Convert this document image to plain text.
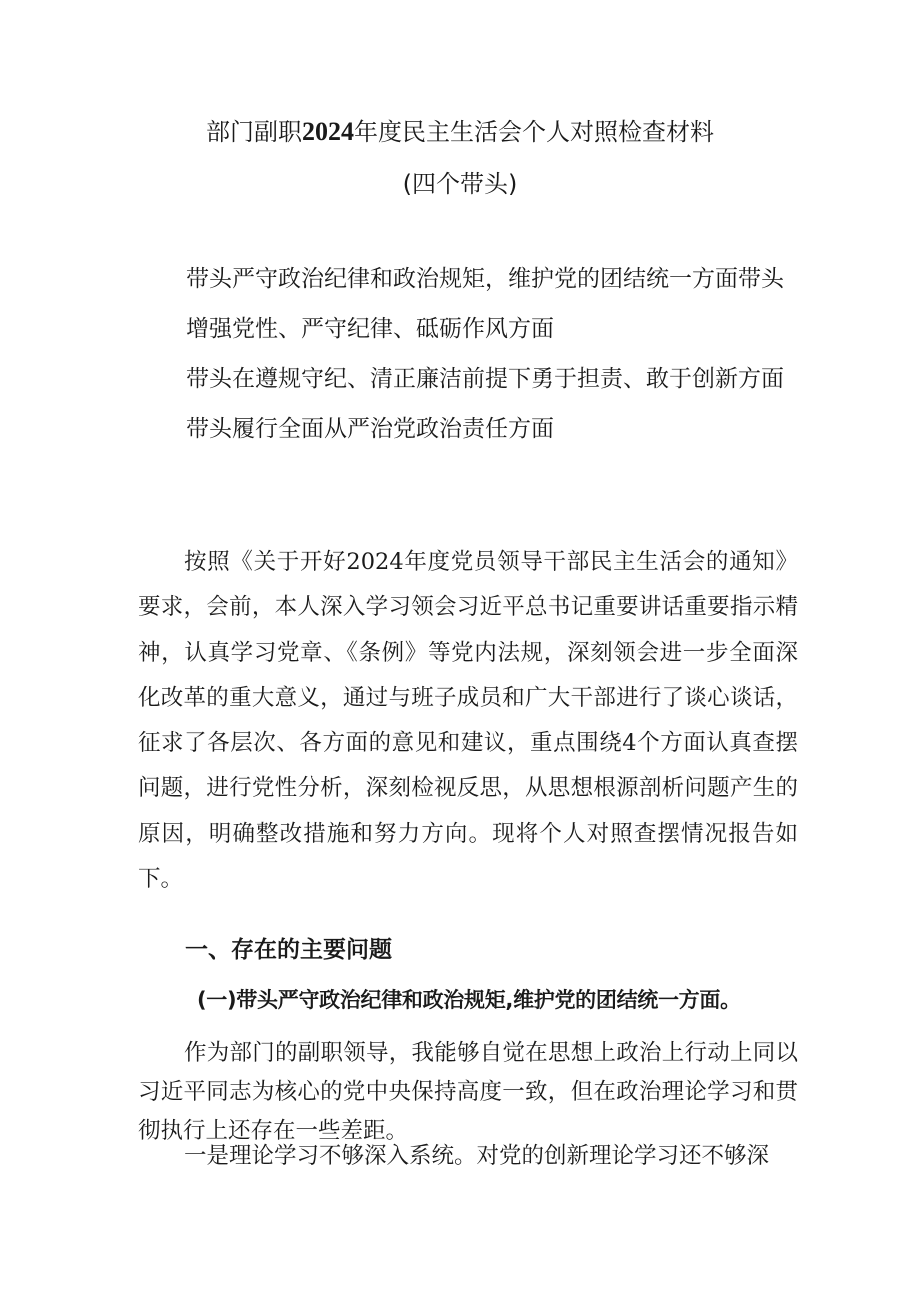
部门副职2024年度民主生活会个人对照检查材料
(四个带头)
带头严守政治纪律和政治规矩，维护党的团结统一方面带头
增强党性、严守纪律、砥砺作风方面
带头在遵规守纪、清正廉洁前提下勇于担责、敢于创新方面
带头履行全面从严治党政治责任方面

按照《关于开好2024年度党员领导干部民主生活会的通知》要求，会前，本人深入学习领会习近平总书记重要讲话重要指示精神，认真学习党章、《条例》等党内法规，深刻领会进一步全面深化改革的重大意义，通过与班子成员和广大干部进行了谈心谈话，征求了各层次、各方面的意见和建议，重点围绕4个方面认真查摆问题，进行党性分析，深刻检视反思，从思想根源剖析问题产生的原因，明确整改措施和努力方向。现将个人对照查摆情况报告如下。

一、存在的主要问题
(一)带头严守政治纪律和政治规矩,维护党的团结统一方面。

作为部门的副职领导，我能够自觉在思想上政治上行动上同以习近平同志为核心的党中央保持高度一致，但在政治理论学习和贯彻执行上还存在一些差距。

一是理论学习不够深入系统。对党的创新理论学习还不够深
